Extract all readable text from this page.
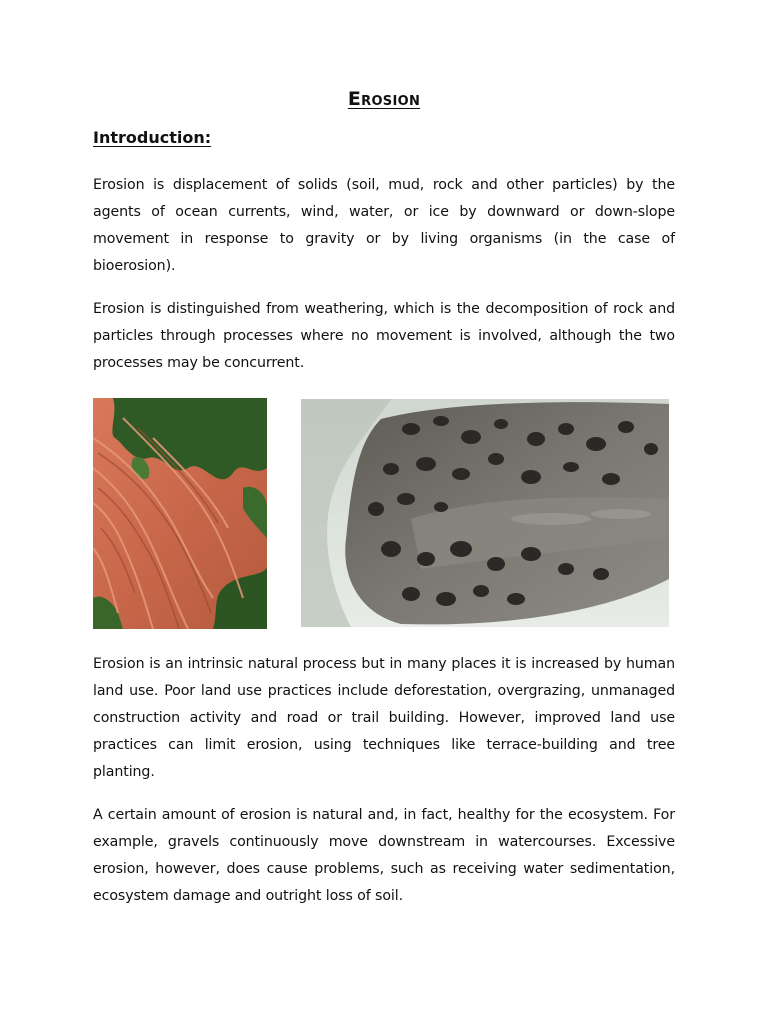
Erosion
Introduction:

Erosion is displacement of solids (soil, mud, rock and other particles) by the agents of ocean currents, wind, water, or ice by downward or down-slope movement in response to gravity or by living organisms (in the case of bioerosion).

Erosion is distinguished from weathering, which is the decomposition of rock and particles through processes where no movement is involved, although the two processes may be concurrent.

Erosion is an intrinsic natural process but in many places it is increased by human land use. Poor land use practices include deforestation, overgrazing, unmanaged construction activity and road or trail building. However, improved land use practices can limit erosion, using techniques like terrace-building and tree planting.

A certain amount of erosion is natural and, in fact, healthy for the ecosystem. For example, gravels continuously move downstream in watercourses. Excessive erosion, however, does cause problems, such as receiving water sedimentation, ecosystem damage and outright loss of soil.
